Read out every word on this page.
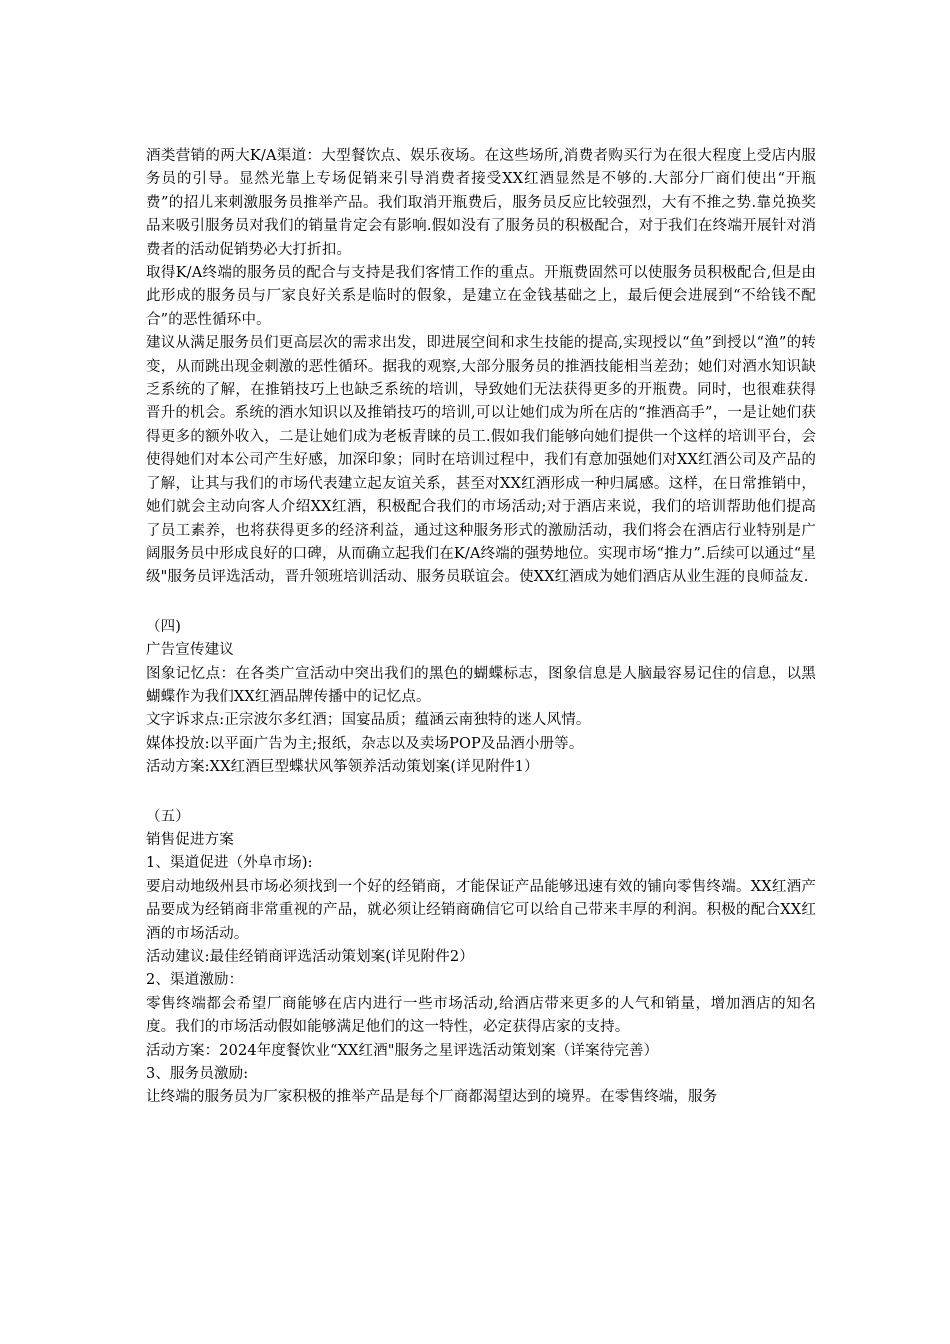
酒类营销的两大K/A渠道：大型餐饮点、娱乐夜场。在这些场所,消费者购买行为在很大程度上受店内服务员的引导。显然光靠上专场促销来引导消费者接受XX红酒显然是不够的.大部分厂商们使出“开瓶费”的招儿来刺激服务员推举产品。我们取消开瓶费后，服务员反应比较强烈，大有不推之势.靠兑换奖品来吸引服务员对我们的销量肯定会有影响.假如没有了服务员的积极配合，对于我们在终端开展针对消费者的活动促销势必大打折扣。

取得K/A终端的服务员的配合与支持是我们客情工作的重点。开瓶费固然可以使服务员积极配合,但是由此形成的服务员与厂家良好关系是临时的假象，是建立在金钱基础之上，最后便会进展到“不给钱不配合”的恶性循环中。

建议从满足服务员们更高层次的需求出发，即进展空间和求生技能的提高,实现授以“鱼”到授以“渔”的转变，从而跳出现金刺激的恶性循环。据我的观察,大部分服务员的推酒技能相当差劲；她们对酒水知识缺乏系统的了解，在推销技巧上也缺乏系统的培训，导致她们无法获得更多的开瓶费。同时，也很难获得晋升的机会。系统的酒水知识以及推销技巧的培训,可以让她们成为所在店的“推酒高手”，一是让她们获得更多的额外收入，二是让她们成为老板青睐的员工.假如我们能够向她们提供一个这样的培训平台，会使得她们对本公司产生好感，加深印象；同时在培训过程中，我们有意加强她们对XX红酒公司及产品的了解，让其与我们的市场代表建立起友谊关系，甚至对XX红酒形成一种归属感。这样，在日常推销中，她们就会主动向客人介绍XX红酒，积极配合我们的市场活动;对于酒店来说，我们的培训帮助他们提高了员工素养，也将获得更多的经济利益，通过这种服务形式的激励活动，我们将会在酒店行业特别是广阔服务员中形成良好的口碑，从而确立起我们在K/A终端的强势地位。实现市场“推力”.后续可以通过“星级"服务员评选活动，晋升领班培训活动、服务员联谊会。使XX红酒成为她们酒店从业生涯的良师益友.

（四)

广告宣传建议

图象记忆点：在各类广宣活动中突出我们的黑色的蝴蝶标志，图象信息是人脑最容易记住的信息，以黑蝴蝶作为我们XX红酒品牌传播中的记忆点。

文字诉求点:正宗波尔多红酒；国宴品质；蕴涵云南独特的迷人风情。

媒体投放:以平面广告为主;报纸，杂志以及卖场POP及品酒小册等。

活动方案:XX红酒巨型蝶状风筝领养活动策划案(详见附件1）

（五）

销售促进方案

1、渠道促进（外阜市场):

要启动地级州县市场必须找到一个好的经销商，才能保证产品能够迅速有效的铺向零售终端。XX红酒产品要成为经销商非常重视的产品，就必须让经销商确信它可以给自己带来丰厚的利润。积极的配合XX红酒的市场活动。

活动建议:最佳经销商评选活动策划案(详见附件2）

2、渠道激励：

零售终端都会希望厂商能够在店内进行一些市场活动,给酒店带来更多的人气和销量，增加酒店的知名度。我们的市场活动假如能够满足他们的这一特性，必定获得店家的支持。

活动方案：2024年度餐饮业“XX红酒"服务之星评选活动策划案（详案待完善）

3、服务员激励:

让终端的服务员为厂家积极的推举产品是每个厂商都渴望达到的境界。在零售终端，服务
